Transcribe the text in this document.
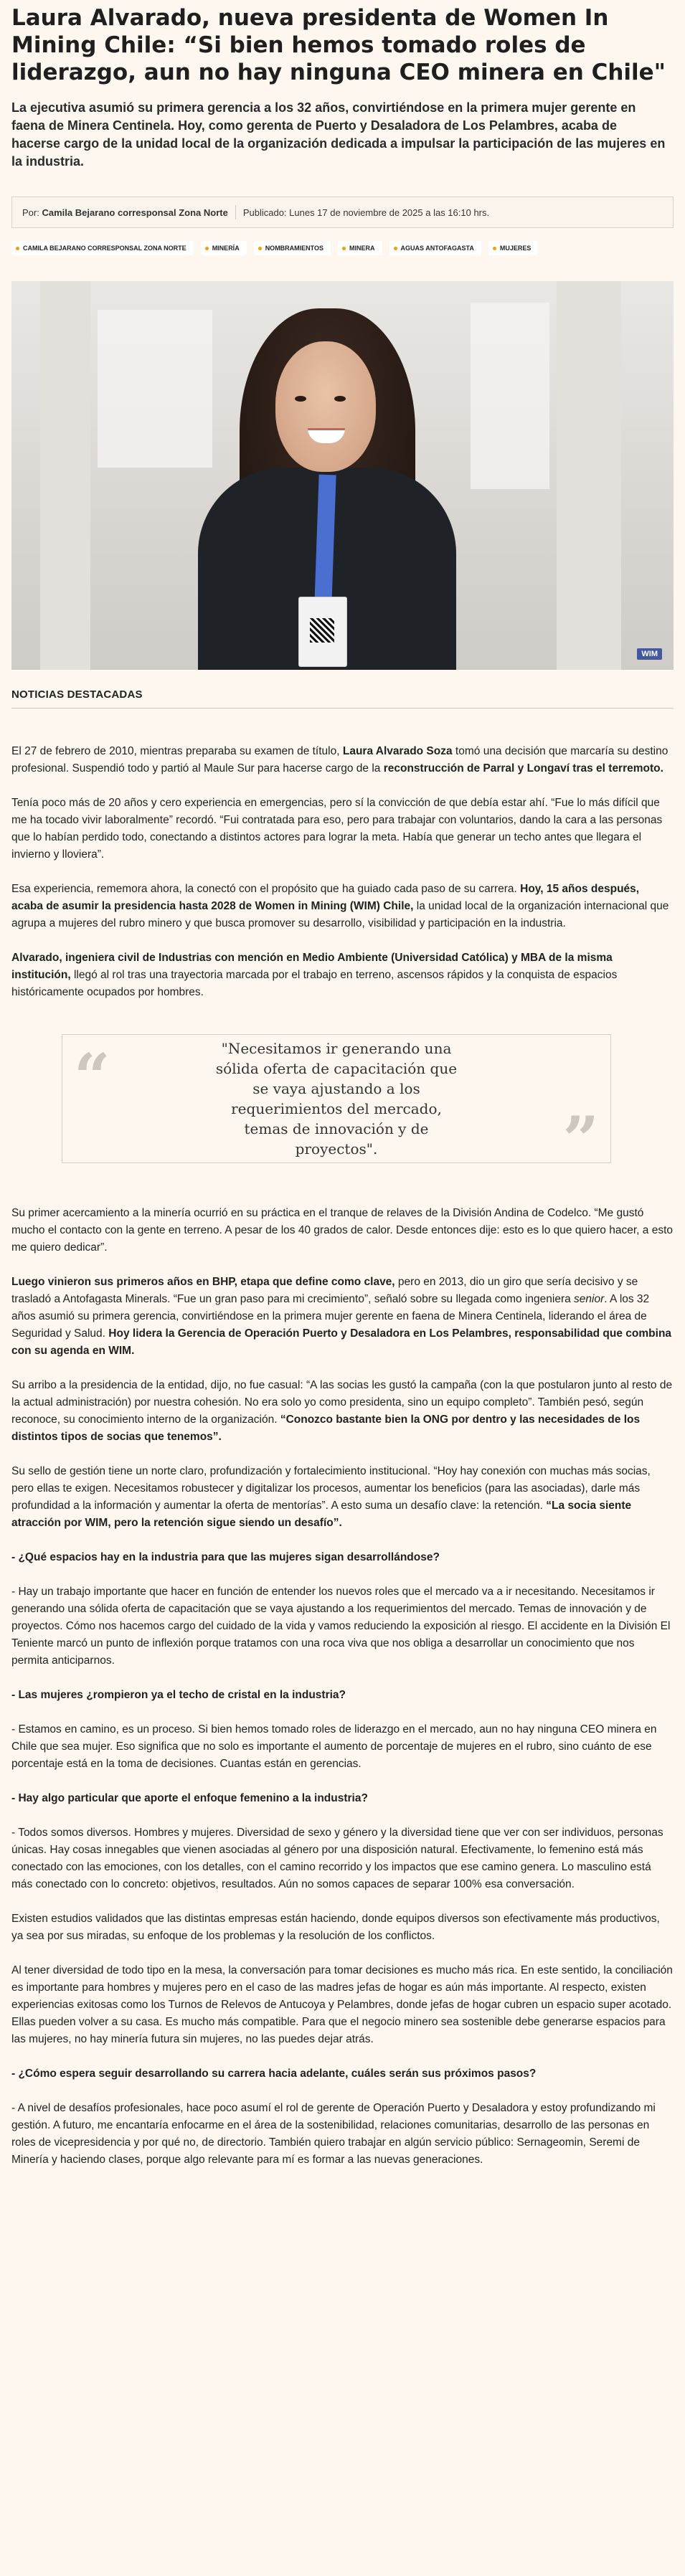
Laura Alvarado, nueva presidenta de Women In Mining Chile: “Si bien hemos tomado roles de liderazgo, aun no hay ninguna CEO minera en Chile"
La ejecutiva asumió su primera gerencia a los 32 años, convirtiéndose en la primera mujer gerente en faena de Minera Centinela. Hoy, como gerenta de Puerto y Desaladora de Los Pelambres, acaba de hacerse cargo de la unidad local de la organización dedicada a impulsar la participación de las mujeres en la industria.
Por:
Camila Bejarano corresponsal Zona Norte Publicado: Lunes 17 de noviembre de 2025 a las 16:10 hrs.
CAMILA BEJARANO CORRESPONSAL ZONA NORTE	MINERÍA	NOMBRAMIENTOS	MINERA	AGUAS ANTOFAGASTA	MUJERES
WIM
NOTICIAS DESTACADAS

El 27 de febrero de 2010, mientras preparaba su examen de título, Laura Alvarado Soza tomó una decisión que marcaría su destino profesional. Suspendió todo y partió al Maule Sur para hacerse cargo de la reconstrucción de Parral y Longaví tras el terremoto.

Tenía poco más de 20 años y cero experiencia en emergencias, pero sí la convicción de que debía estar ahí. “Fue lo más difícil que me ha tocado vivir laboralmente” recordó. “Fui contratada para eso, pero para trabajar con voluntarios, dando la cara a las personas que lo habían perdido todo, conectando a distintos actores para lograr la meta. Había que generar un techo antes que llegara el invierno y lloviera”.

Esa experiencia, rememora ahora, la conectó con el propósito que ha guiado cada paso de su carrera. Hoy, 15 años después, acaba de asumir la presidencia hasta 2028 de Women in Mining (WIM) Chile, la unidad local de la organización internacional que agrupa a mujeres del rubro minero y que busca promover su desarrollo, visibilidad y participación en la industria.

Alvarado, ingeniera civil de Industrias con mención en Medio Ambiente (Universidad Católica) y MBA de la misma institución, llegó al rol tras una trayectoria marcada por el trabajo en terreno, ascensos rápidos y la conquista de espacios históricamente ocupados por hombres.

“	"Necesitamos ir generando una sólida oferta de capacitación que se vaya ajustando a los requerimientos del mercado, temas de innovación y de proyectos".	”

Su primer acercamiento a la minería ocurrió en su práctica en el tranque de relaves de la División Andina de Codelco. “Me gustó mucho el contacto con la gente en terreno. A pesar de los 40 grados de calor. Desde entonces dije: esto es lo que quiero hacer, a esto me quiero dedicar”.

Luego vinieron sus primeros años en BHP, etapa que define como clave, pero en 2013, dio un giro que sería decisivo y se trasladó a Antofagasta Minerals. “Fue un gran paso para mi crecimiento”, señaló sobre su llegada como ingeniera senior. A los 32 años asumió su primera gerencia, convirtiéndose en la primera mujer gerente en faena de Minera Centinela, liderando el área de Seguridad y Salud. Hoy lidera la Gerencia de Operación Puerto y Desaladora en Los Pelambres, responsabilidad que combina con su agenda en WIM.

Su arribo a la presidencia de la entidad, dijo, no fue casual: “A las socias les gustó la campaña (con la que postularon junto al resto de la actual administración) por nuestra cohesión. No era solo yo como presidenta, sino un equipo completo”. También pesó, según reconoce, su conocimiento interno de la organización. “Conozco bastante bien la ONG por dentro y las necesidades de los distintos tipos de socias que tenemos”.

Su sello de gestión tiene un norte claro, profundización y fortalecimiento institucional. “Hoy hay conexión con muchas más socias, pero ellas te exigen. Necesitamos robustecer y digitalizar los procesos, aumentar los beneficios (para las asociadas), darle más profundidad a la información y aumentar la oferta de mentorías”. A esto suma un desafío clave: la retención. “La socia siente atracción por WIM, pero la retención sigue siendo un desafío”.

- ¿Qué espacios hay en la industria para que las mujeres sigan desarrollándose?

- Hay un trabajo importante que hacer en función de entender los nuevos roles que el mercado va a ir necesitando. Necesitamos ir generando una sólida oferta de capacitación que se vaya ajustando a los requerimientos del mercado. Temas de innovación y de proyectos. Cómo nos hacemos cargo del cuidado de la vida y vamos reduciendo la exposición al riesgo. El accidente en la División El Teniente marcó un punto de inflexión porque tratamos con una roca viva que nos obliga a desarrollar un conocimiento que nos permita anticiparnos.

- Las mujeres ¿rompieron ya el techo de cristal en la industria?

- Estamos en camino, es un proceso. Si bien hemos tomado roles de liderazgo en el mercado, aun no hay ninguna CEO minera en Chile que sea mujer. Eso significa que no solo es importante el aumento de porcentaje de mujeres en el rubro, sino cuánto de ese porcentaje está en la toma de decisiones. Cuantas están en gerencias.

- Hay algo particular que aporte el enfoque femenino a la industria?

- Todos somos diversos. Hombres y mujeres. Diversidad de sexo y género y la diversidad tiene que ver con ser individuos, personas únicas. Hay cosas innegables que vienen asociadas al género por una disposición natural. Efectivamente, lo femenino está más conectado con las emociones, con los detalles, con el camino recorrido y los impactos que ese camino genera. Lo masculino está más conectado con lo concreto: objetivos, resultados. Aún no somos capaces de separar 100% esa conversación.

Existen estudios validados que las distintas empresas están haciendo, donde equipos diversos son efectivamente más productivos, ya sea por sus miradas, su enfoque de los problemas y la resolución de los conflictos.

Al tener diversidad de todo tipo en la mesa, la conversación para tomar decisiones es mucho más rica. En este sentido, la conciliación es importante para hombres y mujeres pero en el caso de las madres jefas de hogar es aún más importante. Al respecto, existen experiencias exitosas como los Turnos de Relevos de Antucoya y Pelambres, donde jefas de hogar cubren un espacio super acotado. Ellas pueden volver a su casa. Es mucho más compatible. Para que el negocio minero sea sostenible debe generarse espacios para las mujeres, no hay minería futura sin mujeres, no las puedes dejar atrás.

- ¿Cómo espera seguir desarrollando su carrera hacia adelante, cuáles serán sus próximos pasos?

- A nivel de desafíos profesionales, hace poco asumí el rol de gerente de Operación Puerto y Desaladora y estoy profundizando mi gestión. A futuro, me encantaría enfocarme en el área de la sostenibilidad, relaciones comunitarias, desarrollo de las personas en roles de vicepresidencia y por qué no, de directorio. También quiero trabajar en algún servicio público: Sernageomin, Seremi de Minería y haciendo clases, porque algo relevante para mí es formar a las nuevas generaciones.
